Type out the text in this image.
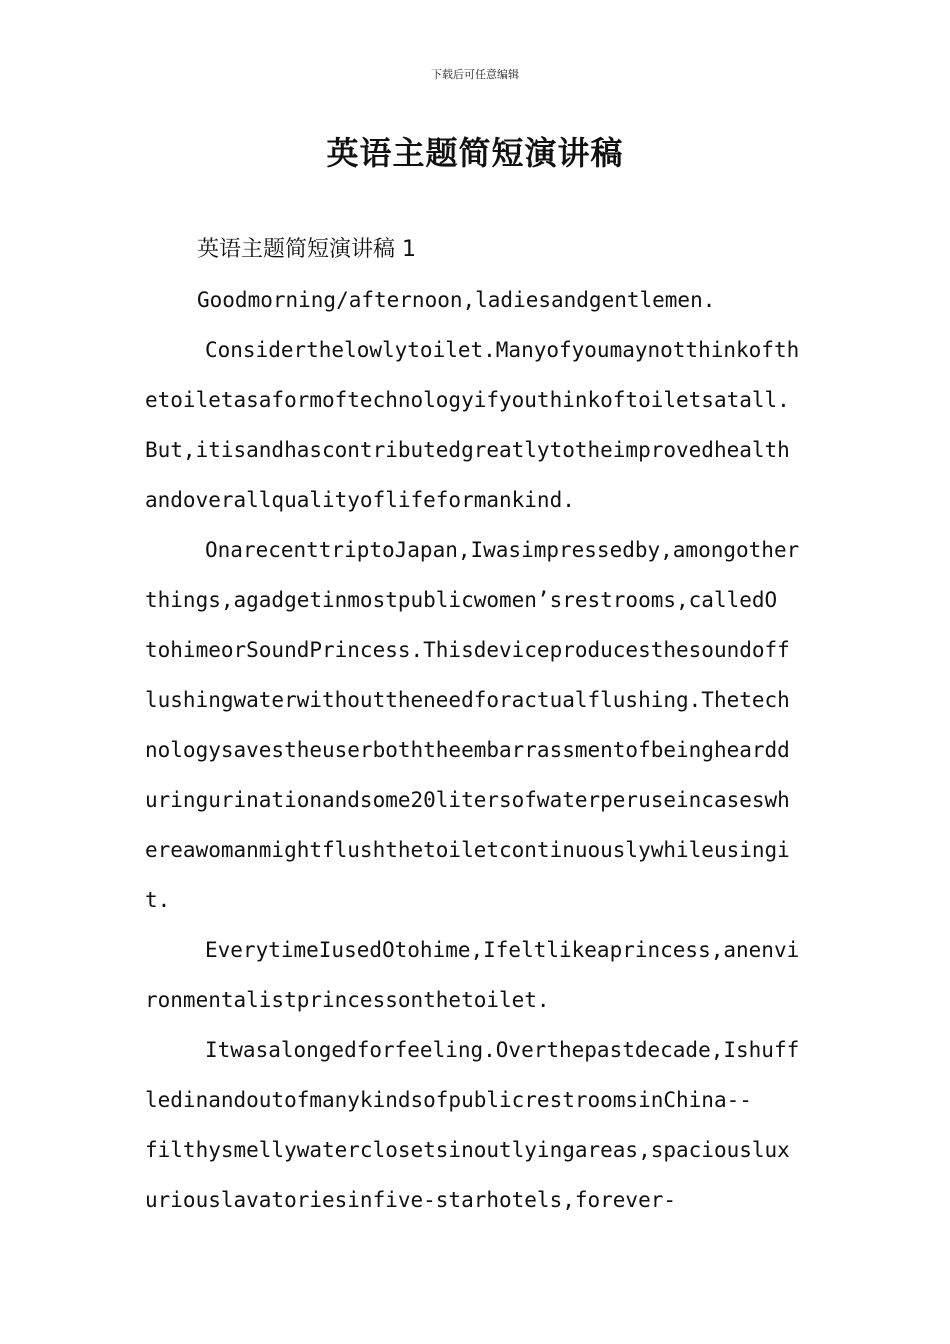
下载后可任意编辑
英语主题简短演讲稿
英语主题简短演讲稿 1
Goodmorning/afternoon,ladiesandgentlemen.
Considerthelowlytoilet.Manyofyoumaynotthinkofth
etoiletasaformoftechnologyifyouthinkoftoiletsatall.
But,itisandhascontributedgreatlytotheimprovedhealth
andoverallqualityoflifeformankind.
OnarecenttriptoJapan,Iwasimpressedby,amongother
things,agadgetinmostpublicwomen’srestrooms,calledO
tohimeorSoundPrincess.Thisdeviceproducesthesoundoff
lushingwaterwithouttheneedforactualflushing.Thetech
nologysavestheuserboththeembarrassmentofbeingheardd
uringurinationandsome20litersofwaterperuseincaseswh
ereawomanmightflushthetoiletcontinuouslywhileusingi
t.
EverytimeIusedOtohime,Ifeltlikeaprincess,anenvi
ronmentalistprincessonthetoilet.
Itwasalongedforfeeling.Overthepastdecade,Ishuff
ledinandoutofmanykindsofpublicrestroomsinChina--
filthysmellywaterclosetsinoutlyingareas,spaciouslux
uriouslavatoriesinfive-starhotels,forever-
